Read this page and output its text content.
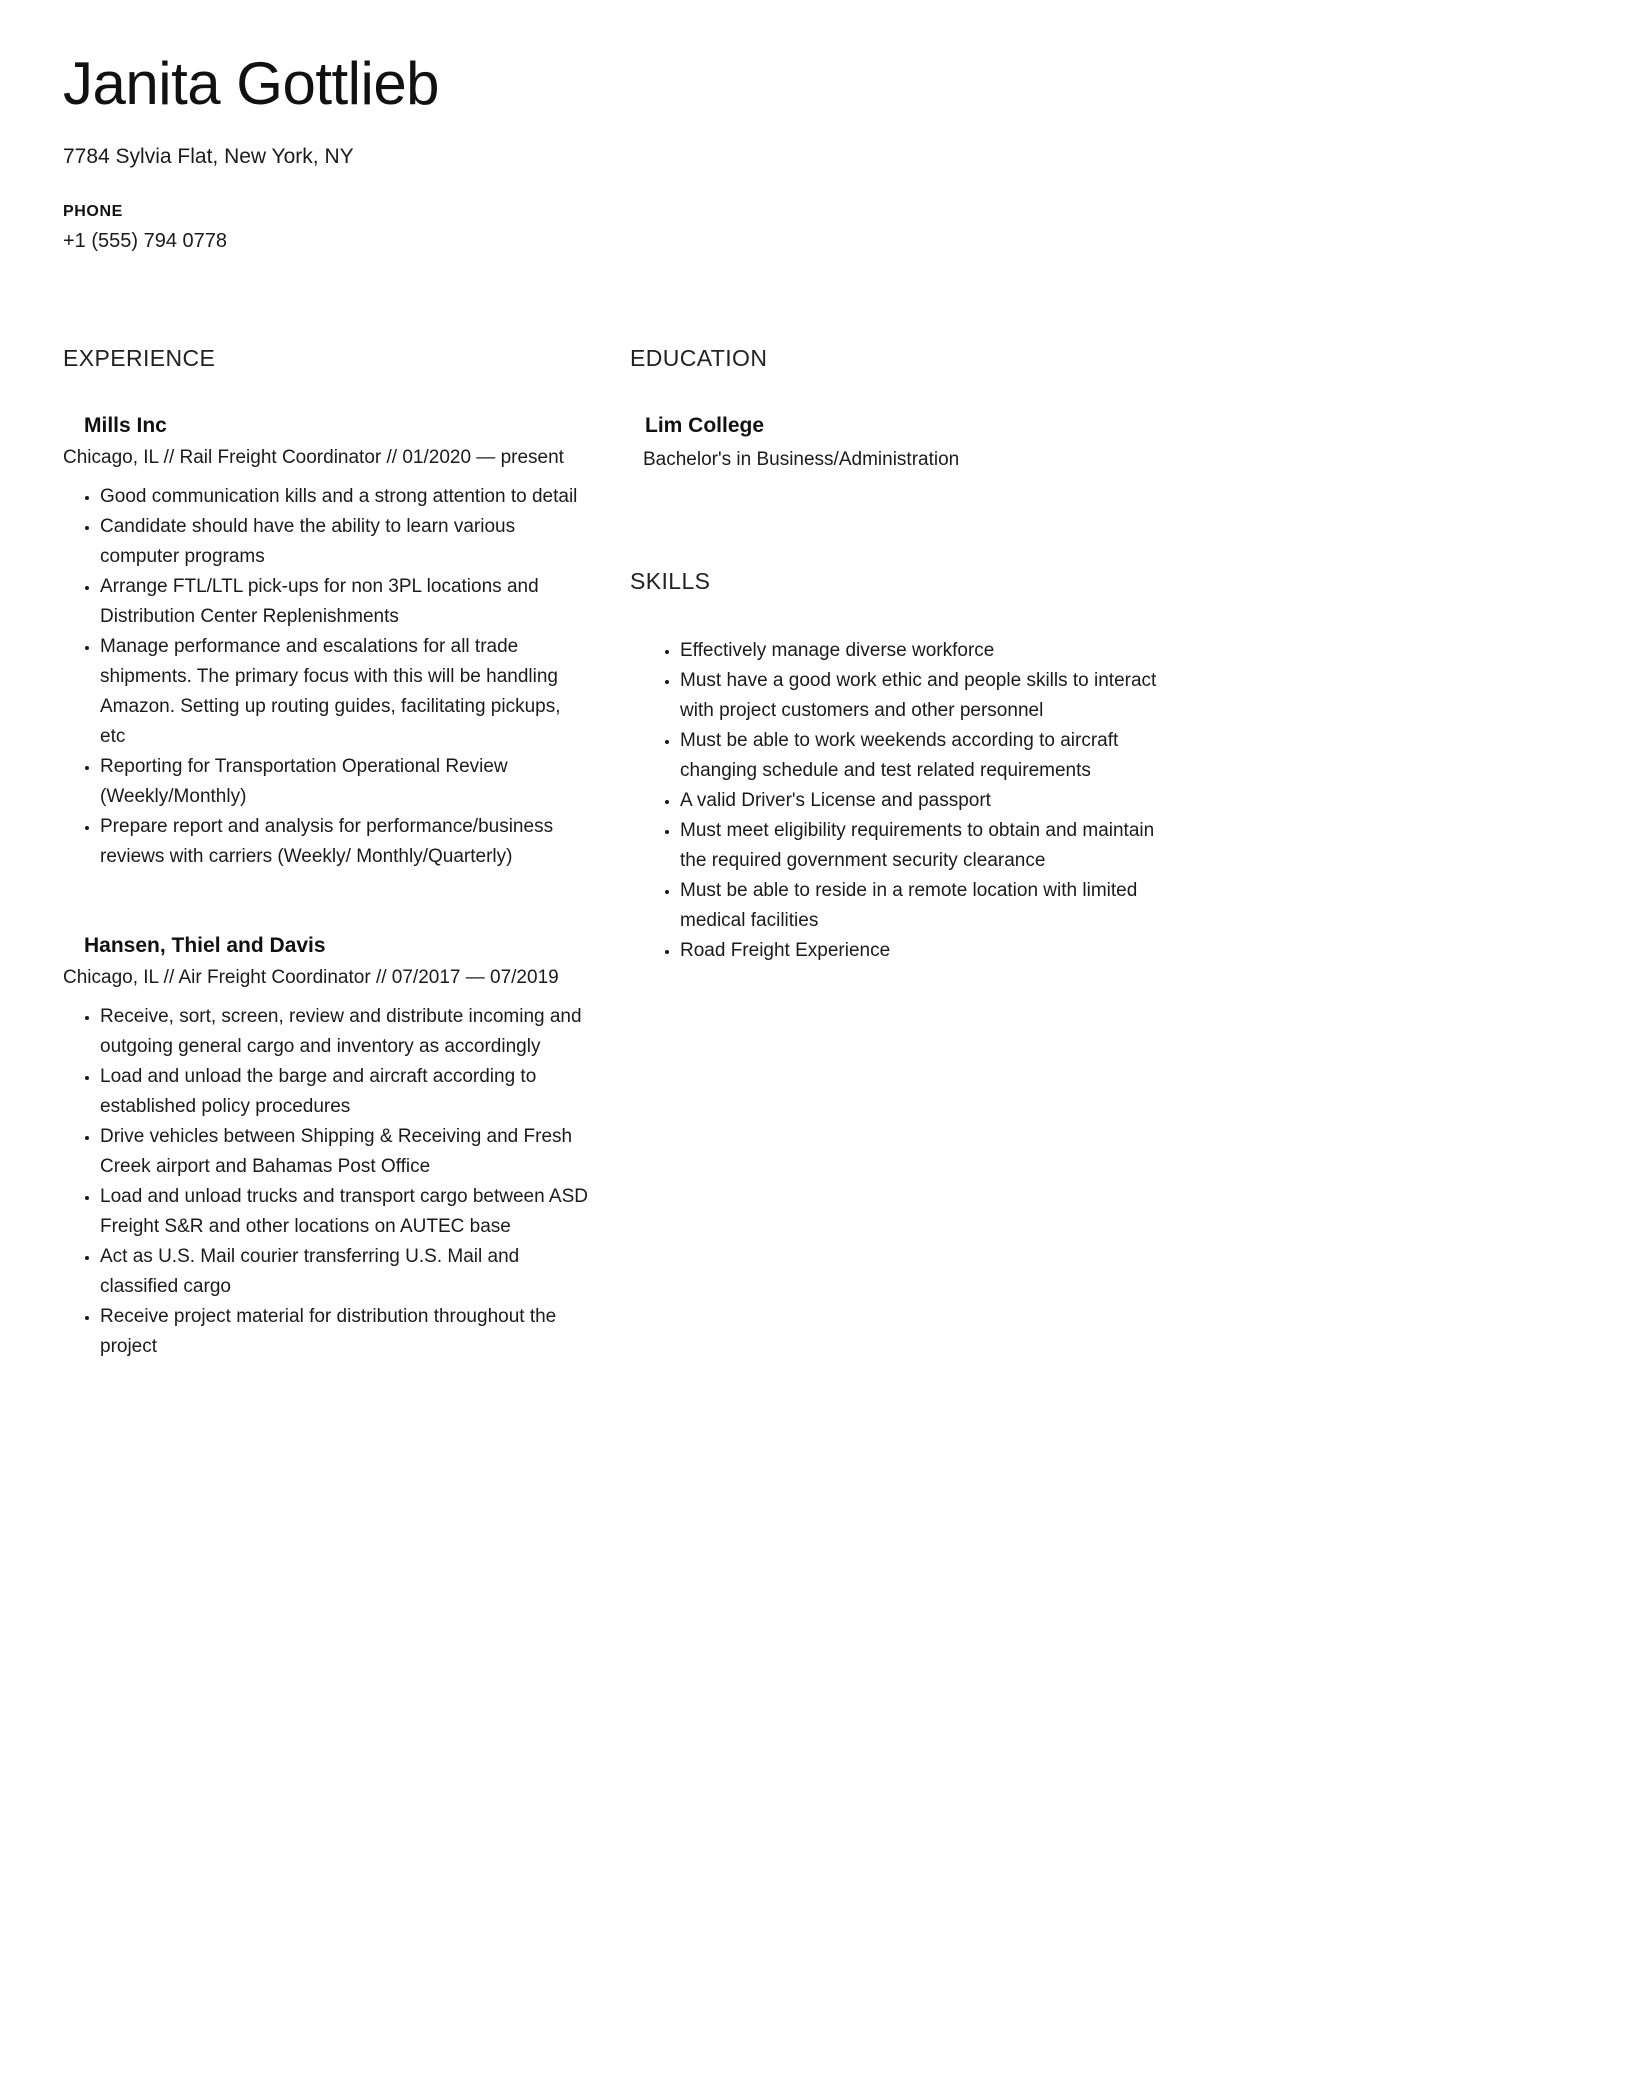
Janita Gottlieb
7784 Sylvia Flat, New York, NY
PHONE
+1 (555) 794 0778
EXPERIENCE
Mills Inc
Chicago, IL // Rail Freight Coordinator // 01/2020 — present
• Good communication kills and a strong attention to detail
• Candidate should have the ability to learn various computer programs
• Arrange FTL/LTL pick-ups for non 3PL locations and Distribution Center Replenishments
• Manage performance and escalations for all trade shipments. The primary focus with this will be handling Amazon. Setting up routing guides, facilitating pickups, etc
• Reporting for Transportation Operational Review (Weekly/Monthly)
• Prepare report and analysis for performance/business reviews with carriers (Weekly/ Monthly/Quarterly)
Hansen, Thiel and Davis
Chicago, IL // Air Freight Coordinator // 07/2017 — 07/2019
• Receive, sort, screen, review and distribute incoming and outgoing general cargo and inventory as accordingly
• Load and unload the barge and aircraft according to established policy procedures
• Drive vehicles between Shipping & Receiving and Fresh Creek airport and Bahamas Post Office
• Load and unload trucks and transport cargo between ASD Freight S&R and other locations on AUTEC base
• Act as U.S. Mail courier transferring U.S. Mail and classified cargo
• Receive project material for distribution throughout the project
EDUCATION
Lim College
Bachelor's in Business/Administration
SKILLS
• Effectively manage diverse workforce
• Must have a good work ethic and people skills to interact with project customers and other personnel
• Must be able to work weekends according to aircraft changing schedule and test related requirements
• A valid Driver's License and passport
• Must meet eligibility requirements to obtain and maintain the required government security clearance
• Must be able to reside in a remote location with limited medical facilities
• Road Freight Experience
